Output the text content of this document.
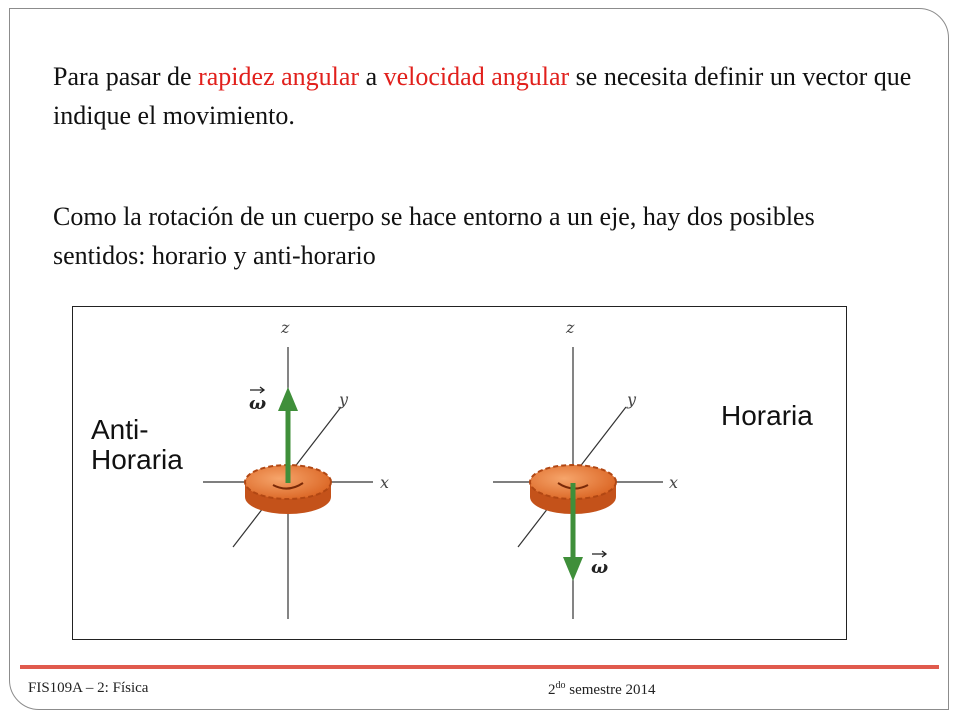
Para pasar de rapidez angular a velocidad angular se necesita definir un vector que indique el movimiento.

Como la rotación de un cuerpo se hace entorno a un eje, hay dos posibles sentidos: horario y anti-horario

z
y
x
z
y
x
ω
ω
Anti-
Horaria
Horaria
FIS109A – 2: Física	$2^{do}$ semestre 2014
